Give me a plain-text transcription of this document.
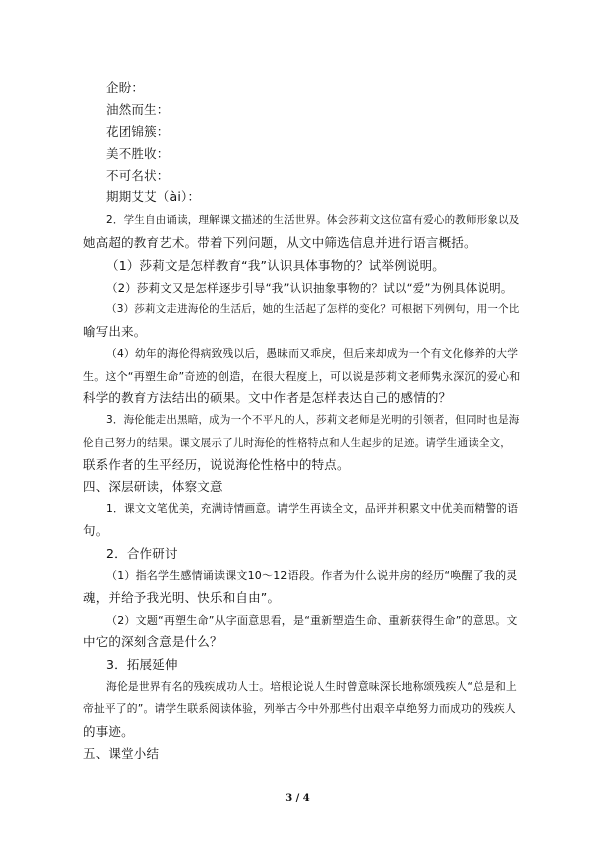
企盼：
油然而生：
花团锦簇：
美不胜收：
不可名状：
期期艾艾（ài）：
2．学生自由诵读，理解课文描述的生活世界。体会莎莉文这位富有爱心的教师形象以及
她高超的教育艺术。带着下列问题，从文中筛选信息并进行语言概括。
（1）莎莉文是怎样教育“我”认识具体事物的？试举例说明。
（2）莎莉文又是怎样逐步引导“我”认识抽象事物的？试以“爱”为例具体说明。
（3）莎莉文走进海伦的生活后，她的生活起了怎样的变化？可根据下列例句，用一个比
喻写出来。
（4）幼年的海伦得病致残以后，愚昧而又乖戾，但后来却成为一个有文化修养的大学
生。这个“再塑生命”奇迹的创造，在很大程度上，可以说是莎莉文老师隽永深沉的爱心和
科学的教育方法结出的硕果。文中作者是怎样表达自己的感情的？
3．海伦能走出黑暗，成为一个不平凡的人，莎莉文老师是光明的引领者，但同时也是海
伦自己努力的结果。课文展示了儿时海伦的性格特点和人生起步的足迹。请学生通读全文，
联系作者的生平经历，说说海伦性格中的特点。
四、深层研读，体察文意
1．课文文笔优美，充满诗情画意。请学生再读全文，品评并积累文中优美而精警的语
句。
2．合作研讨
（1）指名学生感情诵读课文10～12语段。作者为什么说井房的经历“唤醒了我的灵
魂，并给予我光明、快乐和自由”。
（2）文题“再塑生命”从字面意思看，是“重新塑造生命、重新获得生命”的意思。文
中它的深刻含意是什么？
3．拓展延伸
海伦是世界有名的残疾成功人士。培根论说人生时曾意味深长地称颂残疾人“总是和上
帝扯平了的”。请学生联系阅读体验，列举古今中外那些付出艰辛卓绝努力而成功的残疾人
的事迹。
五、课堂小结
3 / 4
